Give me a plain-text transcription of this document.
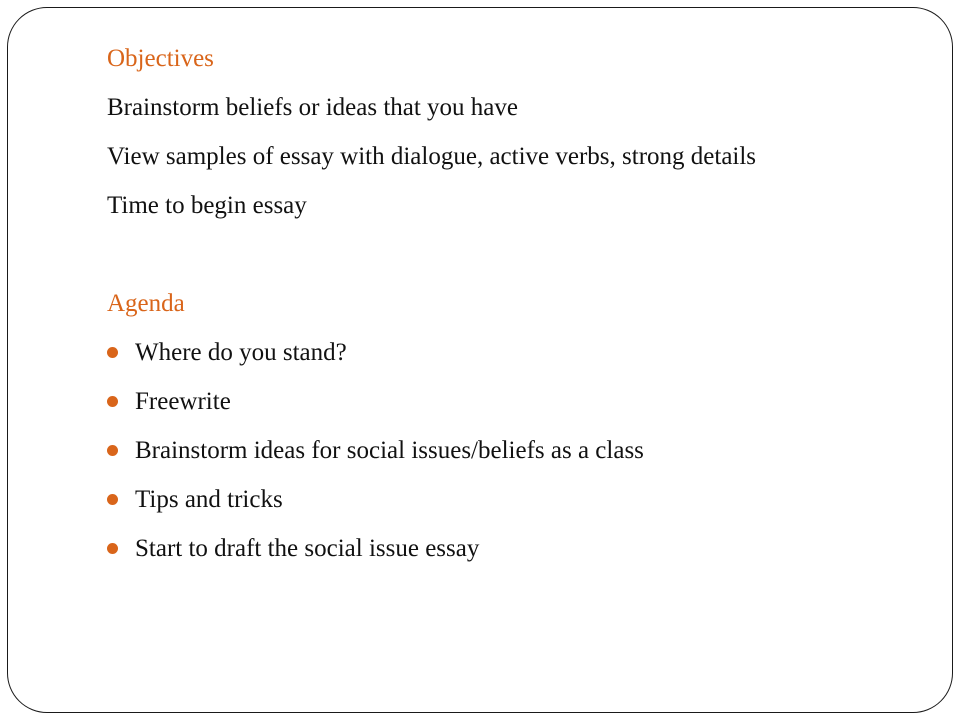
Objectives
Brainstorm beliefs or ideas that you have
View samples of essay with dialogue, active verbs, strong details
Time to begin essay
Agenda
Where do you stand?
Freewrite
Brainstorm ideas for social issues/beliefs as a class
Tips and tricks
Start to draft the social issue essay
